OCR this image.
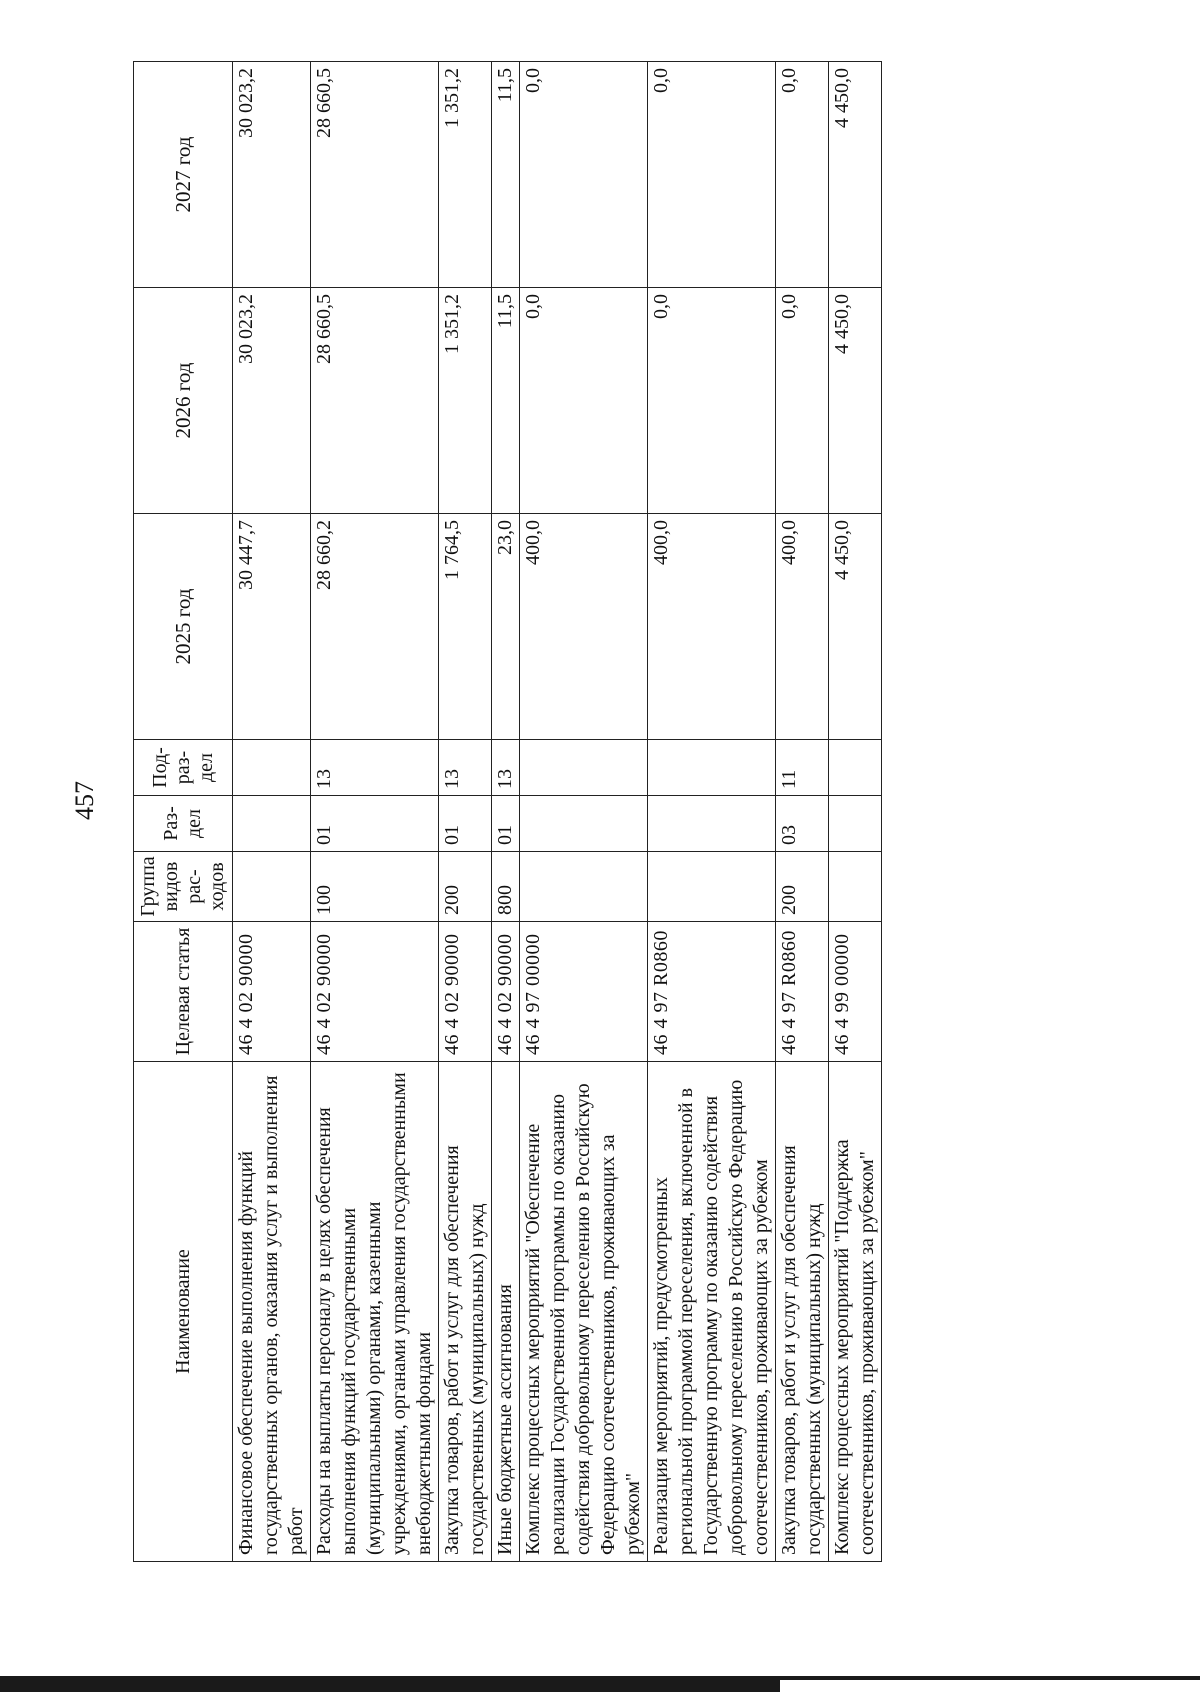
457
Наименование	Целевая статья	Группа видов рас-ходов	Раз-дел	Под-раз-дел	2025 год	2026 год	2027 год
Финансовое обеспечение выполнения функций государственных органов, оказания услуг и выполнения работ	46 4 02 90000				30 447,7	30 023,2	30 023,2
Расходы на выплаты персоналу в целях обеспечения выполнения функций государственными (муниципальными) органами, казенными учреждениями, органами управления государственными внебюджетными фондами	46 4 02 90000	100	01	13	28 660,2	28 660,5	28 660,5
Закупка товаров, работ и услуг для обеспечения государственных (муниципальных) нужд	46 4 02 90000	200	01	13	1 764,5	1 351,2	1 351,2
Иные бюджетные ассигнования	46 4 02 90000	800	01	13	23,0	11,5	11,5
Комплекс процессных мероприятий "Обеспечение реализации Государственной программы по оказанию содействия добровольному переселению в Российскую Федерацию соотечественников, проживающих за рубежом"	46 4 97 00000				400,0	0,0	0,0
Реализация мероприятий, предусмотренных региональной программой переселения, включенной в Государственную программу по оказанию содействия добровольному переселению в Российскую Федерацию соотечественников, проживающих за рубежом	46 4 97 R0860				400,0	0,0	0,0
Закупка товаров, работ и услуг для обеспечения государственных (муниципальных) нужд	46 4 97 R0860	200	03	11	400,0	0,0	0,0
Комплекс процессных мероприятий "Поддержка соотечественников, проживающих за рубежом"	46 4 99 00000				4 450,0	4 450,0	4 450,0
